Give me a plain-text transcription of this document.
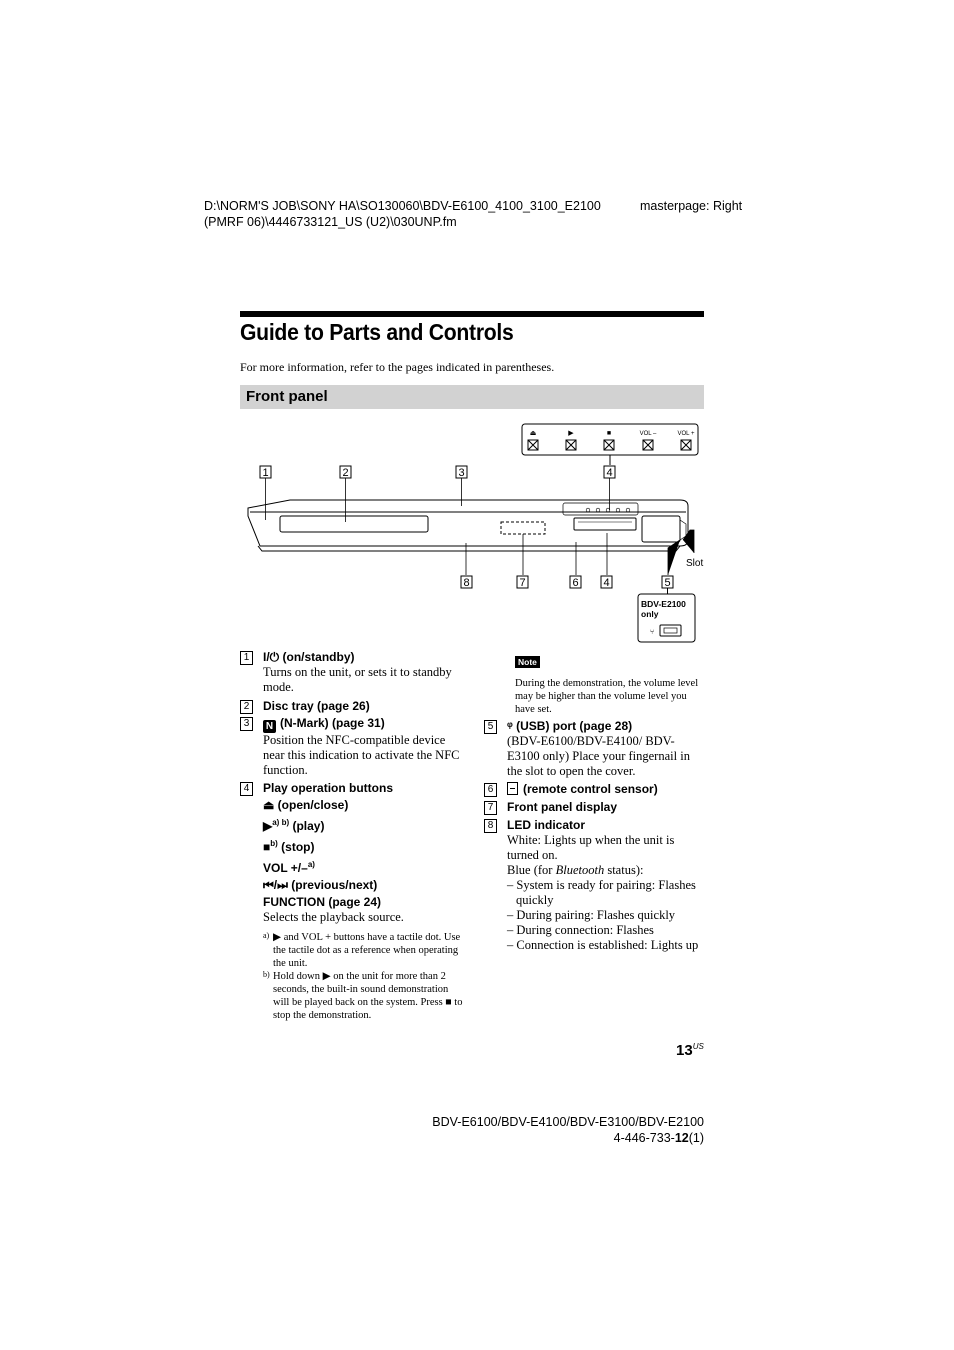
D:\NORM'S JOB\SONY HA\SO130060\BDV-E6100_4100_3100_E2100
(PMRF 06)\4446733121_US (U2)\030UNP.fm
masterpage: Right
Guide to Parts and Controls
For more information, refer to the pages indicated in parentheses.
Front panel
⏏	▶	■	VOL –	VOL +
1	2	3	4
Slot
8	7	6 4	5
BDV-E2100
only
⑂
1	I/⏻ (on/standby)
Turns on the unit, or sets it to standby mode.
2	Disc tray (page 26)
3	N (N-Mark) (page 31)
Position the NFC-compatible device near this indication to activate the NFC function.
4	Play operation buttons
⏏ (open/close)
▶$^{a) b)}$ (play)
■$^{b)}$ (stop)
VOL +/–$^{a)}$
⏮/⏭ (previous/next)
FUNCTION (page 24)
Selects the playback source.
a) ▶ and VOL + buttons have a tactile dot. Use the tactile dot as a reference when operating the unit.
b) Hold down ▶ on the unit for more than 2 seconds, the built-in sound demonstration will be played back on the system. Press ■ to stop the demonstration.
Note
During the demonstration, the volume level may be higher than the volume level you have set.
5	ᵠ (USB) port (page 28)
(BDV-E6100/BDV-E4100/ BDV-E3100 only) Place your fingernail in the slot to open the cover.
6	(remote control sensor)
7	Front panel display
8	LED indicator
White: Lights up when the unit is turned on.
Blue (for Bluetooth status):
– System is ready for pairing: Flashes quickly
– During pairing: Flashes quickly
– During connection: Flashes
– Connection is established: Lights up
$13^{US}$
BDV-E6100/BDV-E4100/BDV-E3100/BDV-E2100
4-446-733-12(1)
